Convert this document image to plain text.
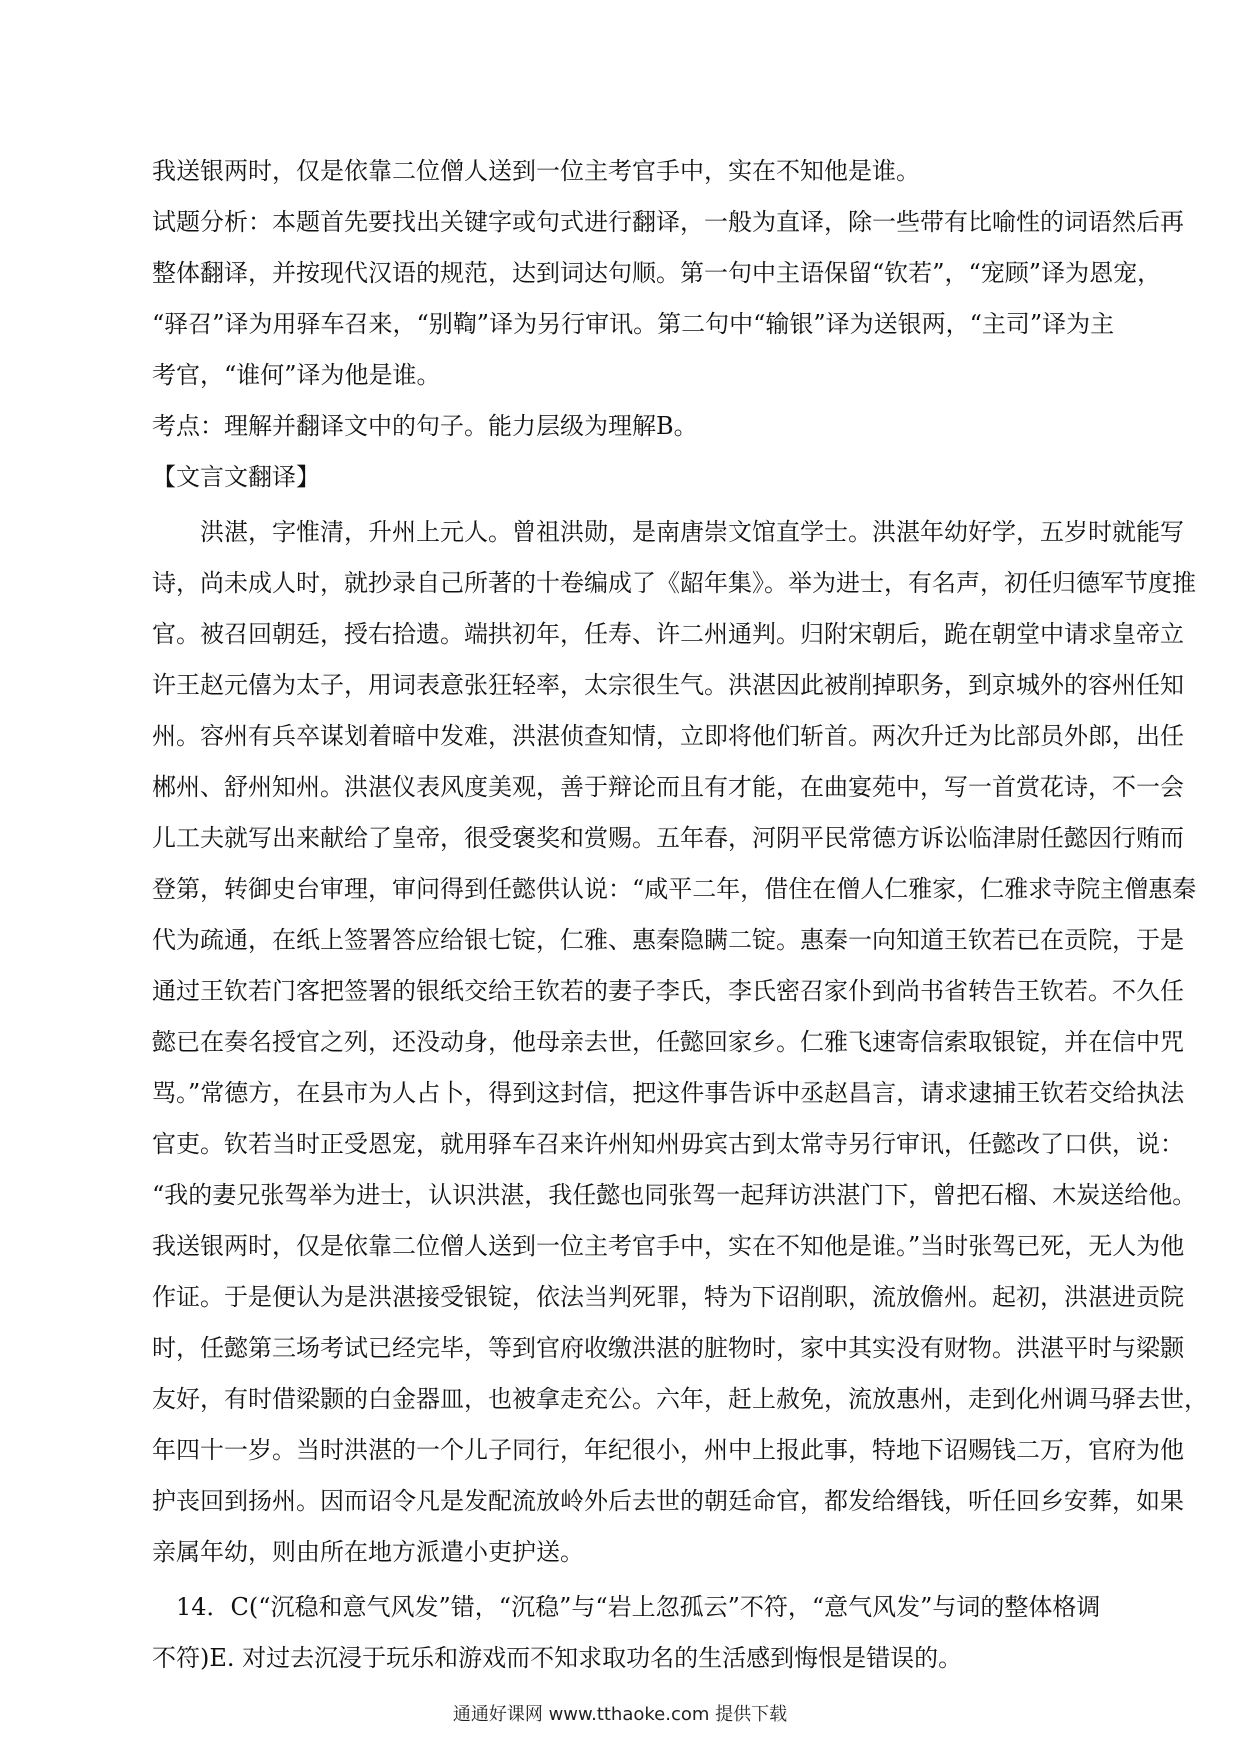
我送银两时，仅是依靠二位僧人送到一位主考官手中，实在不知他是谁。
试题分析：本题首先要找出关键字或句式进行翻译，一般为直译，除一些带有比喻性的词语然后再
整体翻译，并按现代汉语的规范，达到词达句顺。第一句中主语保留“钦若”，“宠顾”译为恩宠，
“驿召”译为用驿车召来，“别鞫”译为另行审讯。第二句中“输银”译为送银两，“主司”译为主
考官，“谁何”译为他是谁。
考点：理解并翻译文中的句子。能力层级为理解B。
【文言文翻译】
　　洪湛，字惟清，升州上元人。曾祖洪勋，是南唐崇文馆直学士。洪湛年幼好学，五岁时就能写
诗，尚未成人时，就抄录自己所著的十卷编成了《龆年集》。举为进士，有名声，初任归德军节度推
官。被召回朝廷，授右拾遗。端拱初年，任寿、许二州通判。归附宋朝后，跪在朝堂中请求皇帝立
许王赵元僖为太子，用词表意张狂轻率，太宗很生气。洪湛因此被削掉职务，到京城外的容州任知
州。容州有兵卒谋划着暗中发难，洪湛侦查知情，立即将他们斩首。两次升迁为比部员外郎，出任
郴州、舒州知州。洪湛仪表风度美观，善于辩论而且有才能，在曲宴苑中，写一首赏花诗，不一会
儿工夫就写出来献给了皇帝，很受褒奖和赏赐。五年春，河阴平民常德方诉讼临津尉任懿因行贿而
登第，转御史台审理，审问得到任懿供认说：“咸平二年，借住在僧人仁雅家，仁雅求寺院主僧惠秦
代为疏通，在纸上签署答应给银七锭，仁雅、惠秦隐瞒二锭。惠秦一向知道王钦若已在贡院，于是
通过王钦若门客把签署的银纸交给王钦若的妻子李氏，李氏密召家仆到尚书省转告王钦若。不久任
懿已在奏名授官之列，还没动身，他母亲去世，任懿回家乡。仁雅飞速寄信索取银锭，并在信中咒
骂。”常德方，在县市为人占卜，得到这封信，把这件事告诉中丞赵昌言，请求逮捕王钦若交给执法
官吏。钦若当时正受恩宠，就用驿车召来许州知州毋宾古到太常寺另行审讯，任懿改了口供，说：
“我的妻兄张驾举为进士，认识洪湛，我任懿也同张驾一起拜访洪湛门下，曾把石榴、木炭送给他。
我送银两时，仅是依靠二位僧人送到一位主考官手中，实在不知他是谁。”当时张驾已死，无人为他
作证。于是便认为是洪湛接受银锭，依法当判死罪，特为下诏削职，流放儋州。起初，洪湛进贡院
时，任懿第三场考试已经完毕，等到官府收缴洪湛的脏物时，家中其实没有财物。洪湛平时与梁颢
友好，有时借梁颢的白金器皿，也被拿走充公。六年，赶上赦免，流放惠州，走到化州调马驿去世，
年四十一岁。当时洪湛的一个儿子同行，年纪很小，州中上报此事，特地下诏赐钱二万，官府为他
护丧回到扬州。因而诏令凡是发配流放岭外后去世的朝廷命官，都发给缗钱，听任回乡安葬，如果
亲属年幼，则由所在地方派遣小吏护送。
　14．C(“沉稳和意气风发”错，“沉稳”与“岩上忽孤云”不符，“意气风发”与词的整体格调
不符)E. 对过去沉浸于玩乐和游戏而不知求取功名的生活感到悔恨是错误的。
通通好课网 www.tthaoke.com 提供下载
